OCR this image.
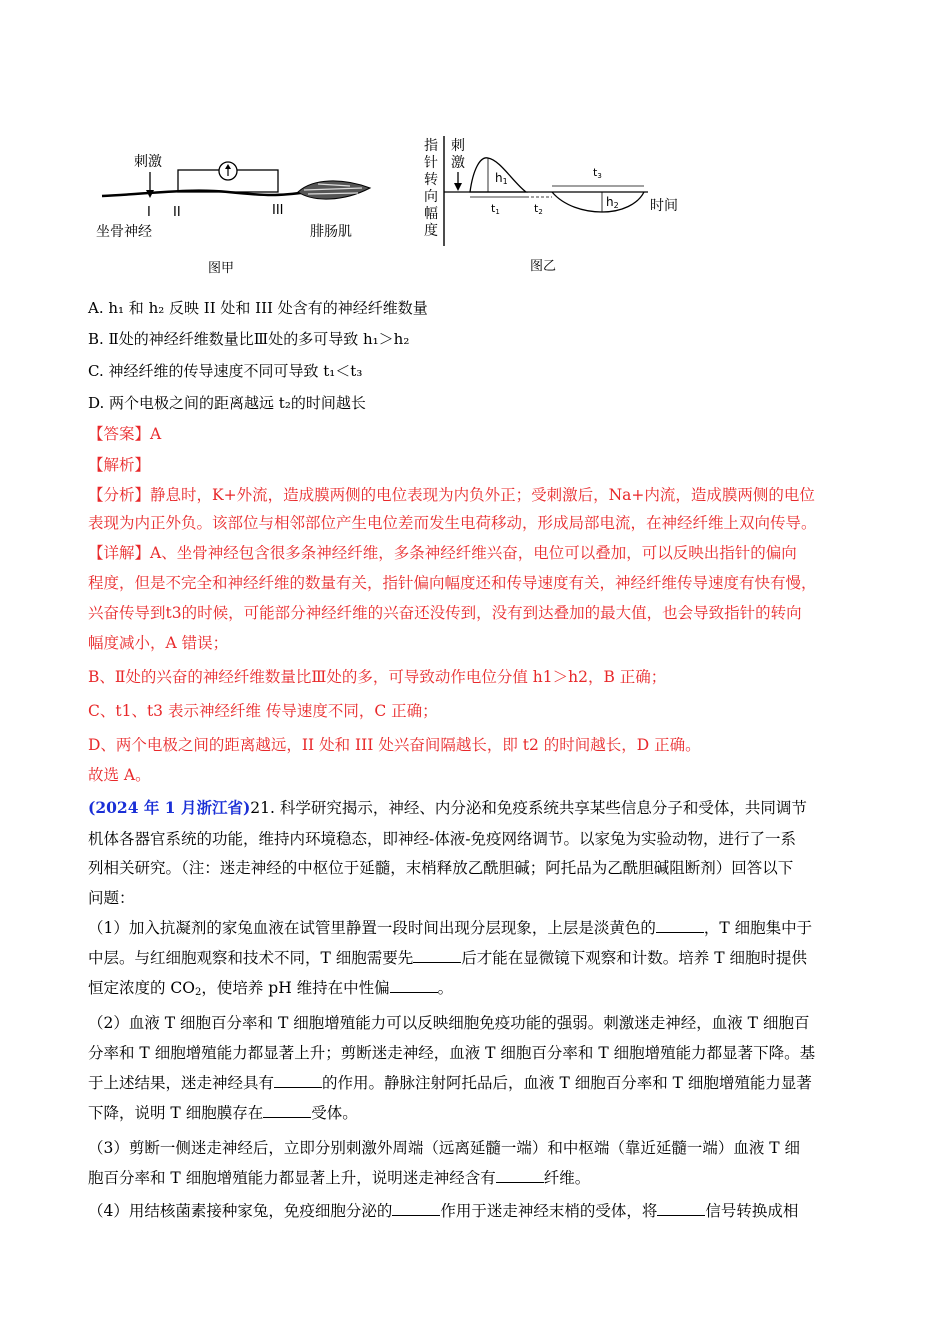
刺激
I II	III
坐骨神经	腓肠肌
图甲
指
针
转
向
幅
度
刺
激
h1
t1	t2
t3
h2 时间
图乙
A. h₁ 和 h₂ 反映 II 处和 III 处含有的神经纤维数量
B. Ⅱ处的神经纤维数量比Ⅲ处的多可导致 h₁＞h₂
C. 神经纤维的传导速度不同可导致 t₁＜t₃
D. 两个电极之间的距离越远 t₂的时间越长
【答案】A
【解析】
【分析】静息时，K+外流，造成膜两侧的电位表现为内负外正；受刺激后，Na+内流，造成膜两侧的电位
表现为内正外负。该部位与相邻部位产生电位差而发生电荷移动，形成局部电流，在神经纤维上双向传导。
【详解】A、坐骨神经包含很多条神经纤维，多条神经纤维兴奋，电位可以叠加，可以反映出指针的偏向
程度，但是不完全和神经纤维的数量有关，指针偏向幅度还和传导速度有关，神经纤维传导速度有快有慢，
兴奋传导到t3的时候，可能部分神经纤维的兴奋还没传到，没有到达叠加的最大值，也会导致指针的转向
幅度减小，A 错误；
B、Ⅱ处的兴奋的神经纤维数量比Ⅲ处的多，可导致动作电位分值 h1＞h2，B 正确；
C、t1、t3 表示神经纤维 传导速度不同，C 正确；
D、两个电极之间的距离越远，II 处和 III 处兴奋间隔越长，即 t2 的时间越长，D 正确。
故选 A。
(2024 年 1 月浙江省)21. 科学研究揭示，神经、内分泌和免疫系统共享某些信息分子和受体，共同调节
机体各器官系统的功能，维持内环境稳态，即神经-体液-免疫网络调节。以家兔为实验动物，进行了一系
列相关研究。（注：迷走神经的中枢位于延髓，末梢释放乙酰胆碱；阿托品为乙酰胆碱阻断剂）回答以下
问题：
（1）加入抗凝剂的家兔血液在试管里静置一段时间出现分层现象，上层是淡黄色的	，T 细胞集中于
中层。与红细胞观察和技术不同，T 细胞需要先	后才能在显微镜下观察和计数。培养 T 细胞时提供
恒定浓度的 $CO_2$，使培养 pH 维持在中性偏	。
（2）血液 T 细胞百分率和 T 细胞增殖能力可以反映细胞免疫功能的强弱。刺激迷走神经，血液 T 细胞百
分率和 T 细胞增殖能力都显著上升；剪断迷走神经，血液 T 细胞百分率和 T 细胞增殖能力都显著下降。基
于上述结果，迷走神经具有	的作用。静脉注射阿托品后，血液 T 细胞百分率和 T 细胞增殖能力显著
下降，说明 T 细胞膜存在	受体。
（3）剪断一侧迷走神经后，立即分别刺激外周端（远离延髓一端）和中枢端（靠近延髓一端）血液 T 细
胞百分率和 T 细胞增殖能力都显著上升，说明迷走神经含有	纤维。
（4）用结核菌素接种家兔，免疫细胞分泌的	作用于迷走神经末梢的受体，将	信号转换成相
